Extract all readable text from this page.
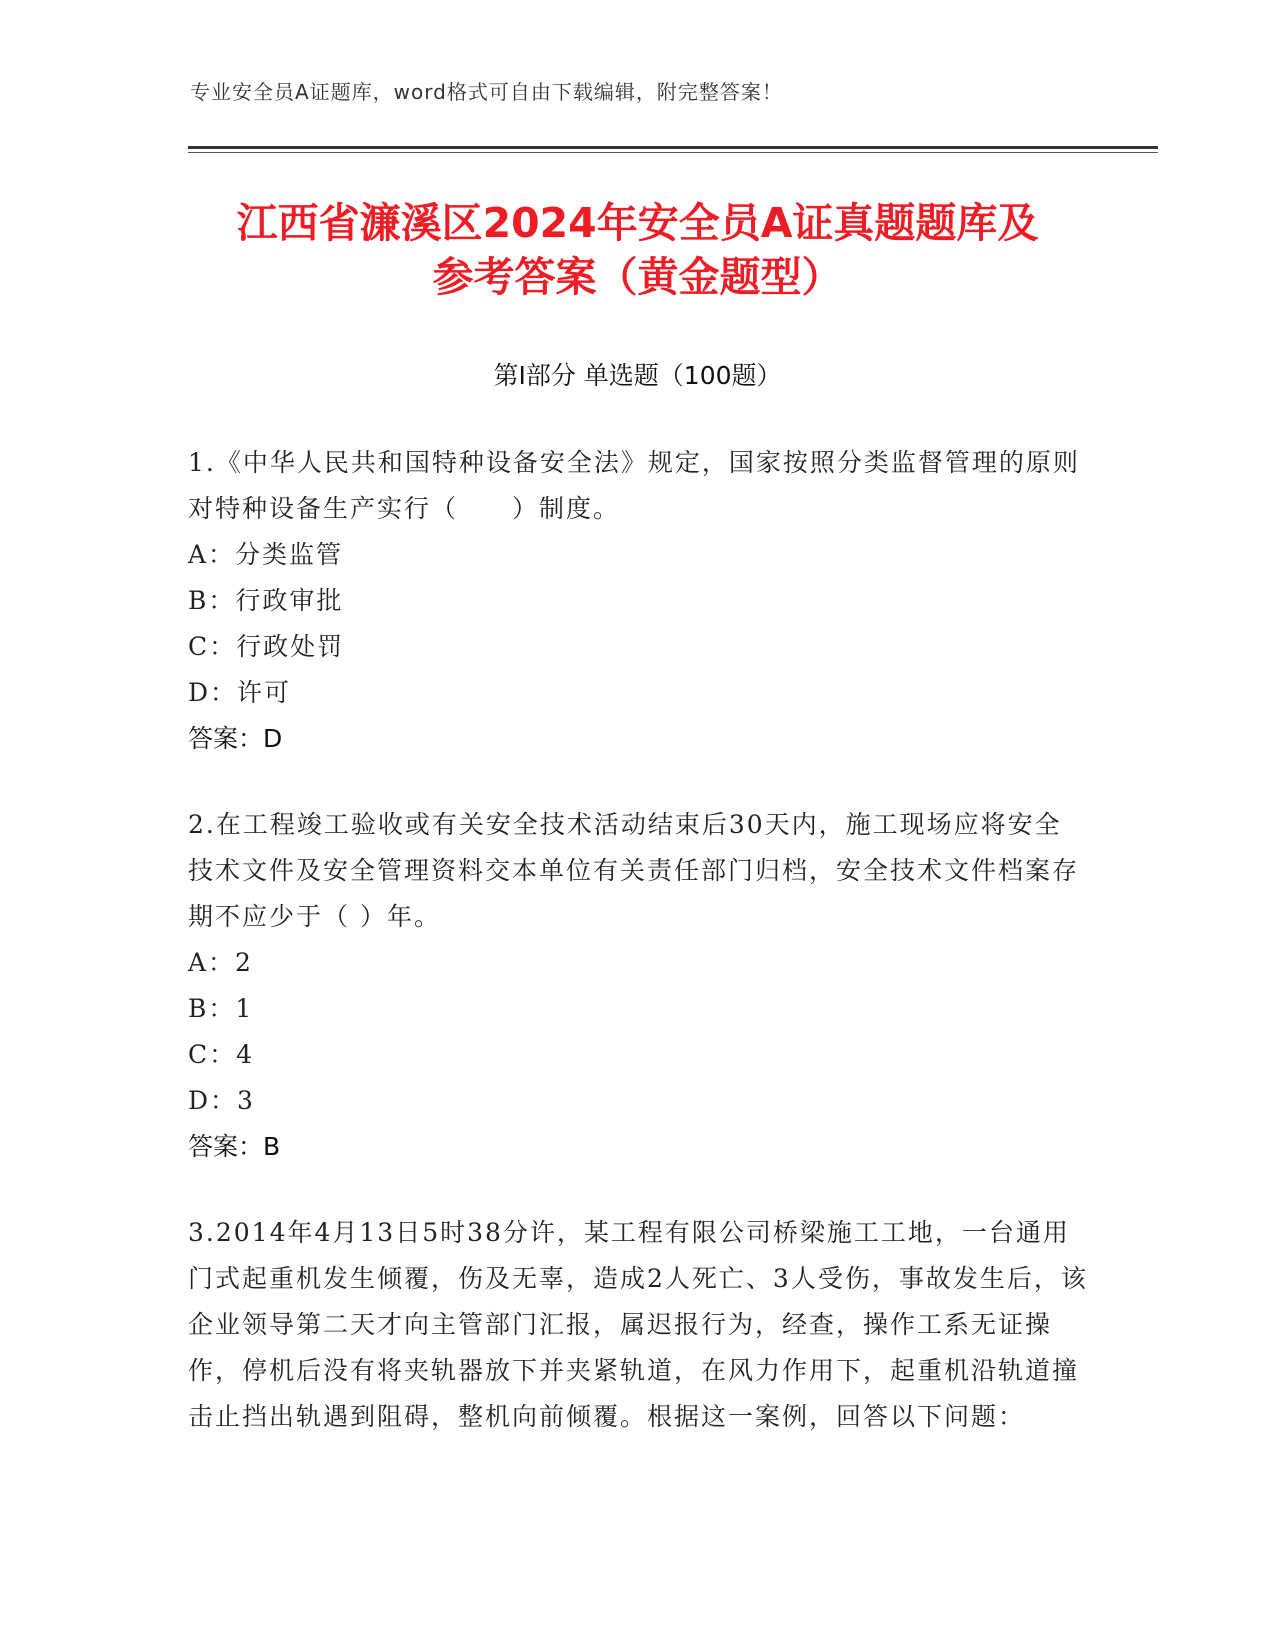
专业安全员A证题库，word格式可自由下载编辑，附完整答案！
江西省濂溪区2024年安全员A证真题题库及
参考答案（黄金题型）
第I部分 单选题（100题）

1.《中华人民共和国特种设备安全法》规定，国家按照分类监督管理的原则对特种设备生产实行（　　）制度。

A：分类监管

B：行政审批

C：行政处罚

D：许可

答案：D

2.在工程竣工验收或有关安全技术活动结束后30天内，施工现场应将安全技术文件及安全管理资料交本单位有关责任部门归档，安全技术文件档案存期不应少于（ ）年。

A：2

B：1

C：4

D：3

答案：B

3.2014年4月13日5时38分许，某工程有限公司桥梁施工工地，一台通用门式起重机发生倾覆，伤及无辜，造成2人死亡、3人受伤，事故发生后，该企业领导第二天才向主管部门汇报，属迟报行为，经查，操作工系无证操作，停机后没有将夹轨器放下并夹紧轨道，在风力作用下，起重机沿轨道撞击止挡出轨遇到阻碍，整机向前倾覆。根据这一案例，回答以下问题：
